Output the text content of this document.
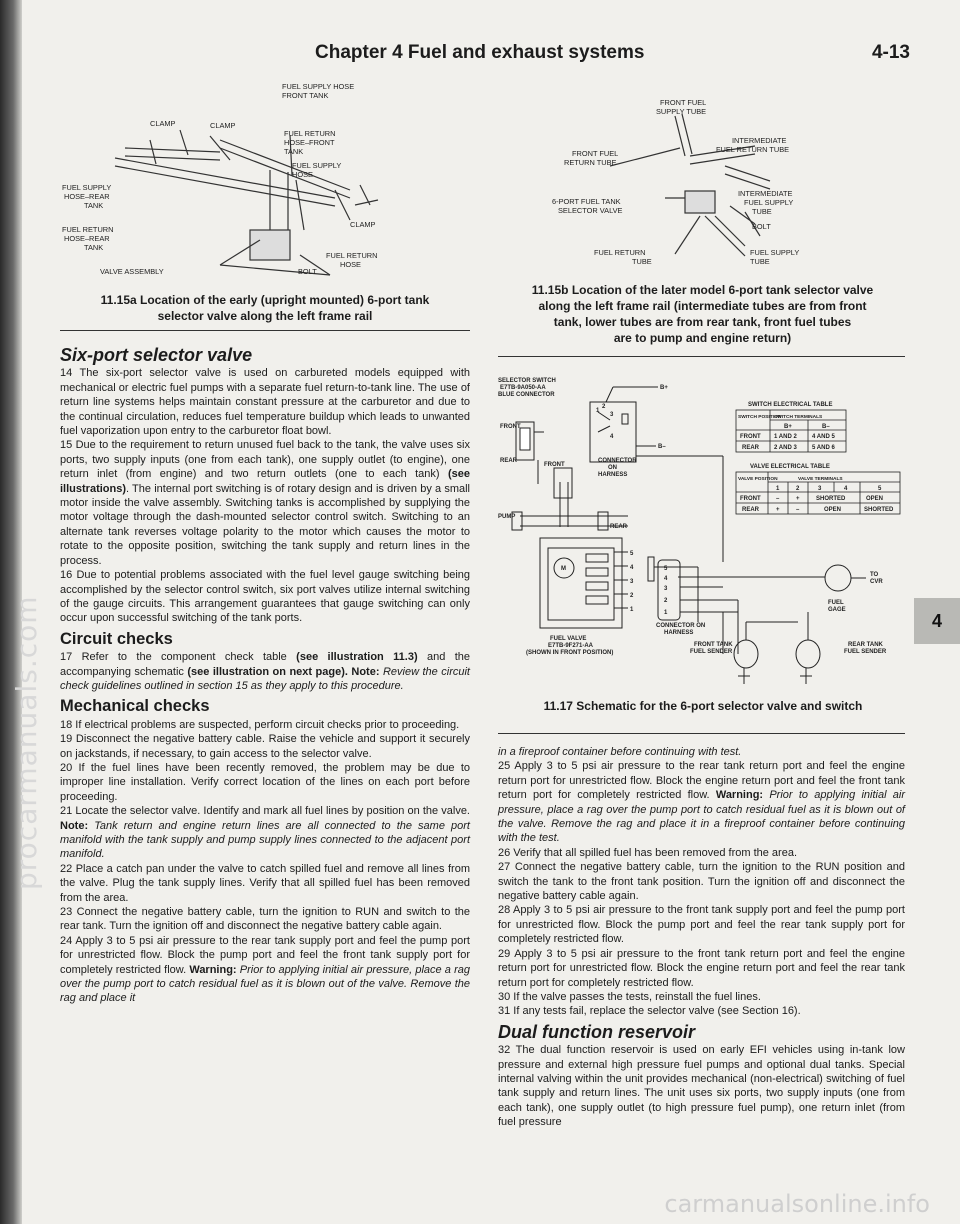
procarmanuals.com
carmanualsonline.info
Chapter 4 Fuel and exhaust systems	4-13
4
CLAMP	CLAMP
FUEL SUPPLY HOSE
FRONT TANK
FUEL RETURN
HOSE–FRONT
TANK
FUEL SUPPLY
HOSE
FUEL SUPPLY
HOSE–REAR
TANK
FUEL RETURN
HOSE–REAR
TANK
CLAMP
FUEL RETURN
HOSE
VALVE ASSEMBLY	BOLT
11.15a Location of the early (upright mounted) 6-port tank
selector valve along the left frame rail
FRONT FUEL
SUPPLY TUBE
FRONT FUEL
RETURN TUBE
INTERMEDIATE
FUEL RETURN TUBE
6-PORT FUEL TANK
SELECTOR VALVE
INTERMEDIATE
FUEL SUPPLY
TUBE
BOLT
FUEL RETURN
TUBE
FUEL SUPPLY
TUBE
11.15b Location of the later model 6-port tank selector valve
along the left frame rail (intermediate tubes are from front
tank, lower tubes are from rear tank, front fuel tubes
are to pump and engine return)
SWITCH ELECTRICAL TABLE
SWITCH POSITION
SWITCH TERMINALS
B+	B–
FRONT 1 AND 2	4 AND 5
REAR 2 AND 3	5 AND 6
VALVE ELECTRICAL TABLE
VALVE POSITION	VALVE TERMINALS
1	2	3	4	5
FRONT	–	+	SHORTED	OPEN
REAR	+	–	OPEN	SHORTED
SELECTOR SWITCH
E7TB-9A050-AA
BLUE CONNECTOR
B+
B–
FRONT
REAR
FRONT
CONNECTOR
ON
HARNESS
1
2
3
4
PUMP
REAR
M
5
4
3
2
1
5
4
3
2
1
TO
CVR
FUEL
GAGE
CONNECTOR ON
HARNESS
FUEL VALVE
E7TB-9F271-AA
(SHOWN IN FRONT POSITION)
FRONT TANK
FUEL SENDER
REAR TANK
FUEL SENDER
11.17 Schematic for the 6-port selector valve and switch
Six-port selector valve

14 The six-port selector valve is used on carbureted models equipped with mechanical or electric fuel pumps with a separate fuel return-to-tank line. The use of return line systems helps maintain constant pressure at the carburetor and due to the continual circulation, reduces fuel temperature buildup which leads to unwanted fuel vaporization upon entry to the carburetor float bowl.

15 Due to the requirement to return unused fuel back to the tank, the valve uses six ports, two supply inputs (one from each tank), one supply outlet (to engine), one return inlet (from engine) and two return outlets (one to each tank) (see illustrations). The internal port switching is of rotary design and is driven by a small motor inside the valve assembly. Switching tanks is accomplished by supplying the motor voltage through the dash-mounted selector control switch. Switching to an alternate tank reverses voltage polarity to the motor which causes the motor to rotate to the opposite position, switching the tank supply and return lines in the process.

16 Due to potential problems associated with the fuel level gauge switching being accomplished by the selector control switch, six port valves utilize internal switching of the gauge circuits. This arrangement guarantees that gauge switching can only occur upon successful switching of the tank ports.

Circuit checks

17 Refer to the component check table (see illustration 11.3) and the accompanying schematic (see illustration on next page). Note: Review the circuit check guidelines outlined in section 15 as they apply to this procedure.

Mechanical checks

18 If electrical problems are suspected, perform circuit checks prior to proceeding.

19 Disconnect the negative battery cable. Raise the vehicle and support it securely on jackstands, if necessary, to gain access to the selector valve.

20 If the fuel lines have been recently removed, the problem may be due to improper line installation. Verify correct location of the lines on each port before proceeding.

21 Locate the selector valve. Identify and mark all fuel lines by position on the valve. Note: Tank return and engine return lines are all connected to the same port manifold with the tank supply and pump supply lines connected to the adjacent port manifold.

22 Place a catch pan under the valve to catch spilled fuel and remove all lines from the valve. Plug the tank supply lines. Verify that all spilled fuel has been removed from the area.

23 Connect the negative battery cable, turn the ignition to RUN and switch to the rear tank. Turn the ignition off and disconnect the negative battery cable again.

24 Apply 3 to 5 psi air pressure to the rear tank supply port and feel the pump port for unrestricted flow. Block the pump port and feel the front tank supply port for completely restricted flow. Warning: Prior to applying initial air pressure, place a rag over the pump port to catch residual fuel as it is blown out of the valve. Remove the rag and place it

in a fireproof container before continuing with test.

25 Apply 3 to 5 psi air pressure to the rear tank return port and feel the engine return port for unrestricted flow. Block the engine return port and feel the front tank return port for completely restricted flow. Warning: Prior to applying initial air pressure, place a rag over the pump port to catch residual fuel as it is blown out of the valve. Remove the rag and place it in a fireproof container before continuing with the test.

26 Verify that all spilled fuel has been removed from the area.

27 Connect the negative battery cable, turn the ignition to the RUN position and switch the tank to the front tank position. Turn the ignition off and disconnect the negative battery cable again.

28 Apply 3 to 5 psi air pressure to the front tank supply port and feel the pump port for unrestricted flow. Block the pump port and feel the rear tank supply port for completely restricted flow.

29 Apply 3 to 5 psi air pressure to the front tank return port and feel the engine return port for unrestricted flow. Block the engine return port and feel the rear tank return port for completely restricted flow.

30 If the valve passes the tests, reinstall the fuel lines.

31 If any tests fail, replace the selector valve (see Section 16).

Dual function reservoir

32 The dual function reservoir is used on early EFI vehicles using in-tank low pressure and external high pressure fuel pumps and optional dual tanks. Special internal valving within the unit provides mechanical (non-electrical) switching of fuel tank supply and return lines. The unit uses six ports, two supply inputs (one from each tank), one supply outlet (to high pressure fuel pump), one return inlet (from fuel pressure
